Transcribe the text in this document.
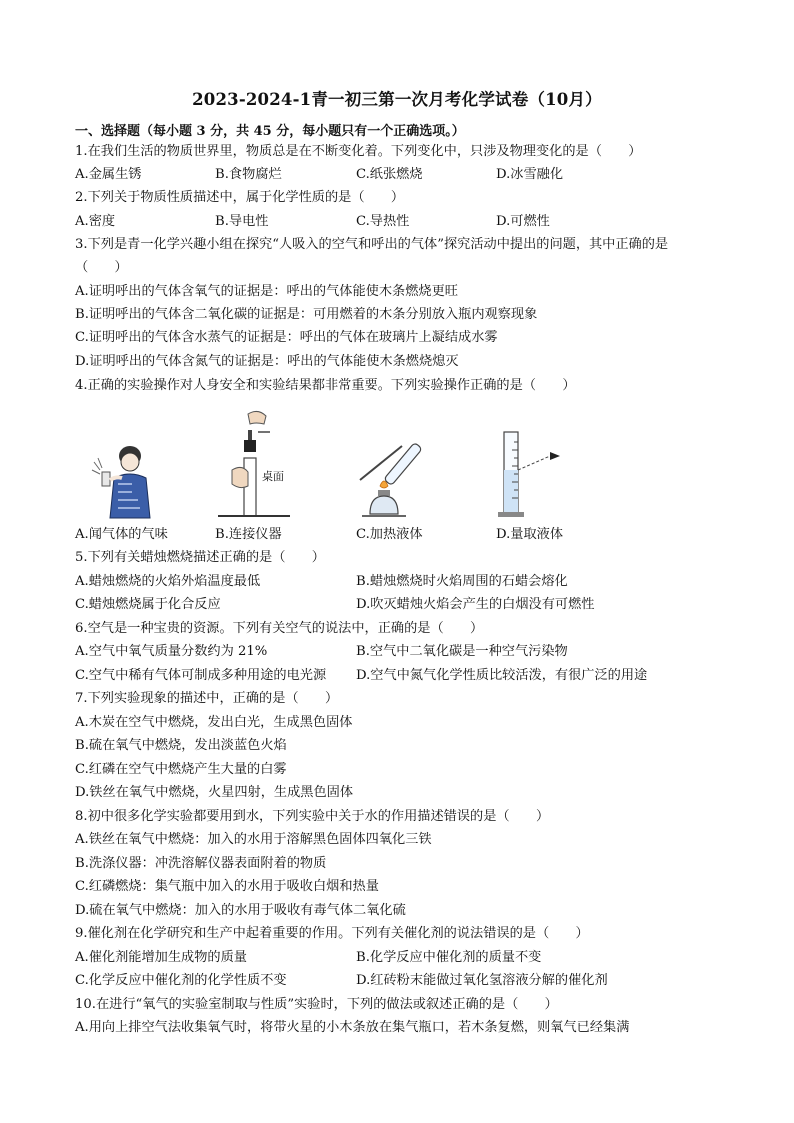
2023-2024-1青一初三第一次月考化学试卷（10月）
一、选择题（每小题 3 分，共 45 分，每小题只有一个正确选项。）
1.在我们生活的物质世界里，物质总是在不断变化着。下列变化中，只涉及物理变化的是（　　）
A.金属生锈	B.食物腐烂	C.纸张燃烧	D.冰雪融化
2.下列关于物质性质描述中，属于化学性质的是（　　）
A.密度	B.导电性	C.导热性	D.可燃性
3.下列是青一化学兴趣小组在探究“人吸入的空气和呼出的气体”探究活动中提出的问题，其中正确的是
（　　）
A.证明呼出的气体含氧气的证据是：呼出的气体能使木条燃烧更旺
B.证明呼出的气体含二氧化碳的证据是：可用燃着的木条分别放入瓶内观察现象
C.证明呼出的气体含水蒸气的证据是：呼出的气体在玻璃片上凝结成水雾
D.证明呼出的气体含氮气的证据是：呼出的气体能使木条燃烧熄灭
4.正确的实验操作对人身安全和实验结果都非常重要。下列实验操作正确的是（　　）
桌面
A.闻气体的气味	B.连接仪器	C.加热液体	D.量取液体
5.下列有关蜡烛燃烧描述正确的是（　　）
A.蜡烛燃烧的火焰外焰温度最低	B.蜡烛燃烧时火焰周围的石蜡会熔化
C.蜡烛燃烧属于化合反应	D.吹灭蜡烛火焰会产生的白烟没有可燃性
6.空气是一种宝贵的资源。下列有关空气的说法中，正确的是（　　）
A.空气中氧气质量分数约为 21%	B.空气中二氧化碳是一种空气污染物
C.空气中稀有气体可制成多种用途的电光源 D.空气中氮气化学性质比较活泼，有很广泛的用途
7.下列实验现象的描述中，正确的是（　　）
A.木炭在空气中燃烧，发出白光，生成黑色固体
B.硫在氧气中燃烧，发出淡蓝色火焰
C.红磷在空气中燃烧产生大量的白雾
D.铁丝在氧气中燃烧，火星四射，生成黑色固体
8.初中很多化学实验都要用到水，下列实验中关于水的作用描述错误的是（　　）
A.铁丝在氧气中燃烧：加入的水用于溶解黑色固体四氧化三铁
B.洗涤仪器：冲洗溶解仪器表面附着的物质
C.红磷燃烧：集气瓶中加入的水用于吸收白烟和热量
D.硫在氧气中燃烧：加入的水用于吸收有毒气体二氧化硫
9.催化剂在化学研究和生产中起着重要的作用。下列有关催化剂的说法错误的是（　　）
A.催化剂能增加生成物的质量	B.化学反应中催化剂的质量不变
C.化学反应中催化剂的化学性质不变	D.红砖粉末能做过氧化氢溶液分解的催化剂
10.在进行“氧气的实验室制取与性质”实验时，下列的做法或叙述正确的是（　　）
A.用向上排空气法收集氧气时，将带火星的小木条放在集气瓶口，若木条复燃，则氧气已经集满
